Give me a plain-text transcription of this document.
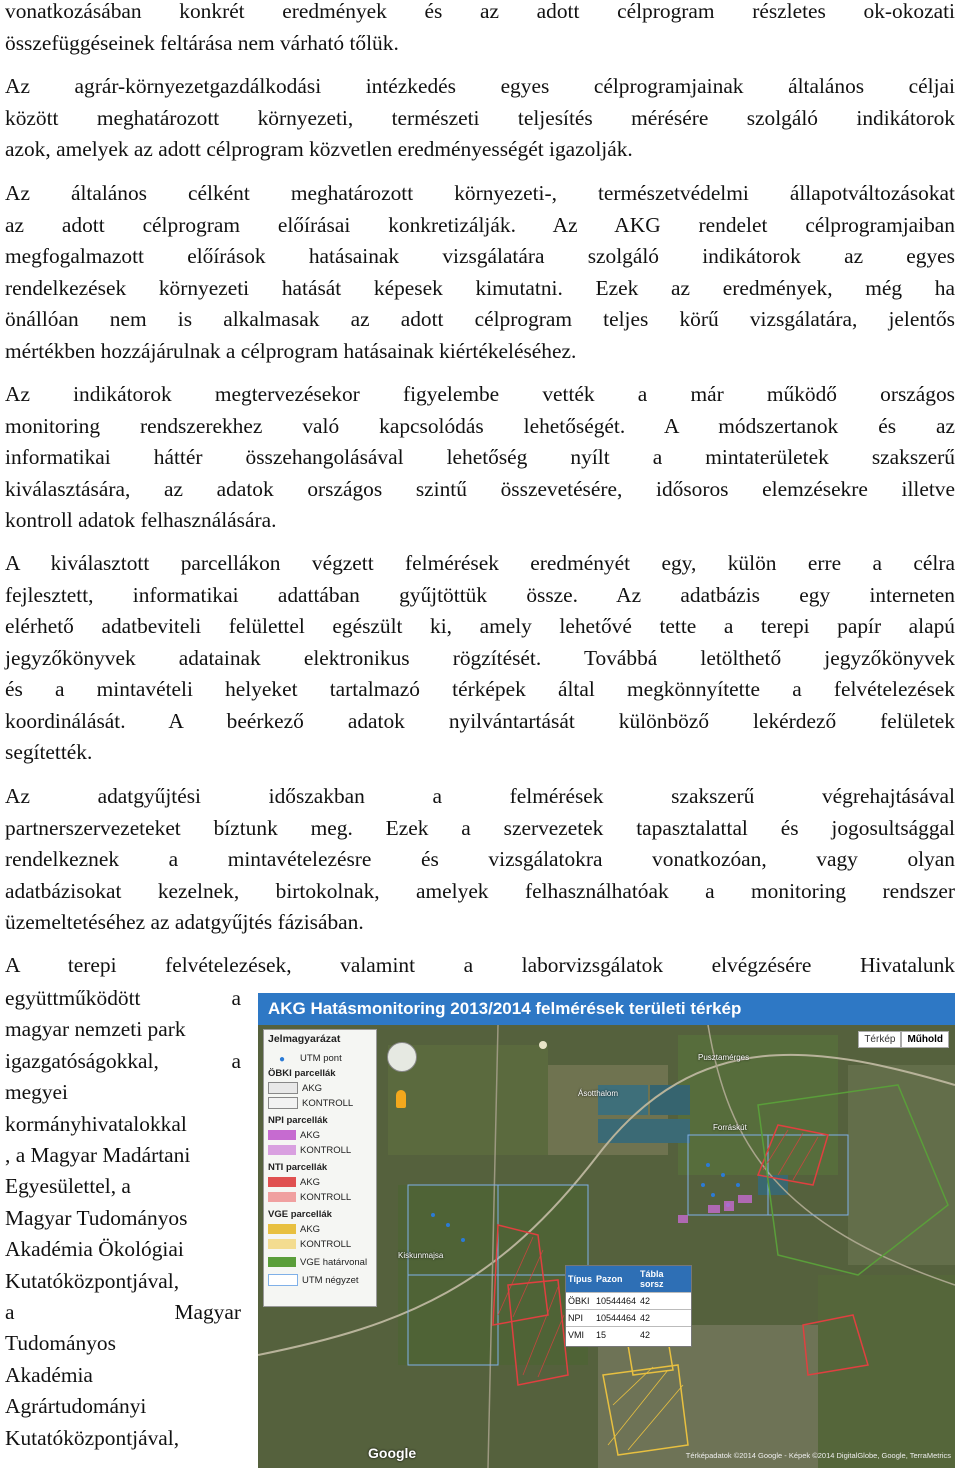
vonatkozásában konkrét eredmények és az adott célprogram részletes ok-okozati
összefüggéseinek feltárása nem várható tőlük.

Az agrár-környezetgazdálkodási intézkedés egyes célprogramjainak általános céljai
között meghatározott környezeti, természeti teljesítés mérésére szolgáló indikátorok
azok, amelyek az adott célprogram közvetlen eredményességét igazolják.

Az általános célként meghatározott környezeti-, természetvédelmi állapotváltozásokat
az adott célprogram előírásai konkretizálják. Az AKG rendelet célprogramjaiban
megfogalmazott előírások hatásainak vizsgálatára szolgáló indikátorok az egyes
rendelkezések környezeti hatását képesek kimutatni. Ezek az eredmények, még ha
önállóan nem is alkalmasak az adott célprogram teljes körű vizsgálatára, jelentős
mértékben hozzájárulnak a célprogram hatásainak kiértékeléséhez.

Az indikátorok megtervezésekor figyelembe vették a már működő országos
monitoring rendszerekhez való kapcsolódás lehetőségét. A módszertanok és az
informatikai háttér összehangolásával lehetőség nyílt a mintaterületek szakszerű
kiválasztására, az adatok országos szintű összevetésére, idősoros elemzésekre illetve
kontroll adatok felhasználására.

A kiválasztott parcellákon végzett felmérések eredményét egy, külön erre a célra
fejlesztett, informatikai adattában gyűjtöttük össze. Az adatbázis egy interneten
elérhető adatbeviteli felülettel egészült ki, amely lehetővé tette a terepi papír alapú
jegyzőkönyvek adatainak elektronikus rögzítését. Továbbá letölthető jegyzőkönyvek
és a mintavételi helyeket tartalmazó térképek által megkönnyítette a felvételezések
koordinálását. A beérkező adatok nyilvántartását különböző lekérdező felületek
segítették.

Az adatgyűjtési időszakban a felmérések szakszerű végrehajtásával
partnerszervezeteket bíztunk meg. Ezek a szervezetek tapasztalattal és jogosultsággal
rendelkeznek a mintavételezésre és vizsgálatokra vonatkozóan, vagy olyan
adatbázisokat kezelnek, birtokolnak, amelyek felhasználhatóak a monitoring rendszer
üzemeltetéséhez az adatgyűjtés fázisában.

A terepi felvételezések, valamint a laborvizsgálatok elvégzésére Hivatalunk

együttműködött a
magyar nemzeti park
igazgatóságokkal, a
megyei
kormányhivatalokkal
, a Magyar Madártani
Egyesülettel, a
Magyar Tudományos
Akadémia Ökológiai
Kutatóközpontjával,
a Magyar
Tudományos
Akadémia
Agrártudományi
Kutatóközpontjával,
AKG Hatásmonitoring 2013/2014 felmérések területi térkép
Jelmagyarázat
● UTM pont
ÖBKI parcellák
AKG
KONTROLL
NPI parcellák
AKG
KONTROLL
NTI parcellák
AKG
KONTROLL
VGE parcellák
AKG
KONTROLL
VGE határvonal
UTM négyzet
Térkép	Műhold
Ásotthalom
Pusztamérges
Kiskunmajsa
Forráskút
Típus	Pazon	Tábla sorsz
ÖBKI	10544464	42
NPI	10544464	42
VMI	15	42
Google	Térképadatok ©2014 Google - Képek ©2014 DigitalGlobe, Google, TerraMetrics
